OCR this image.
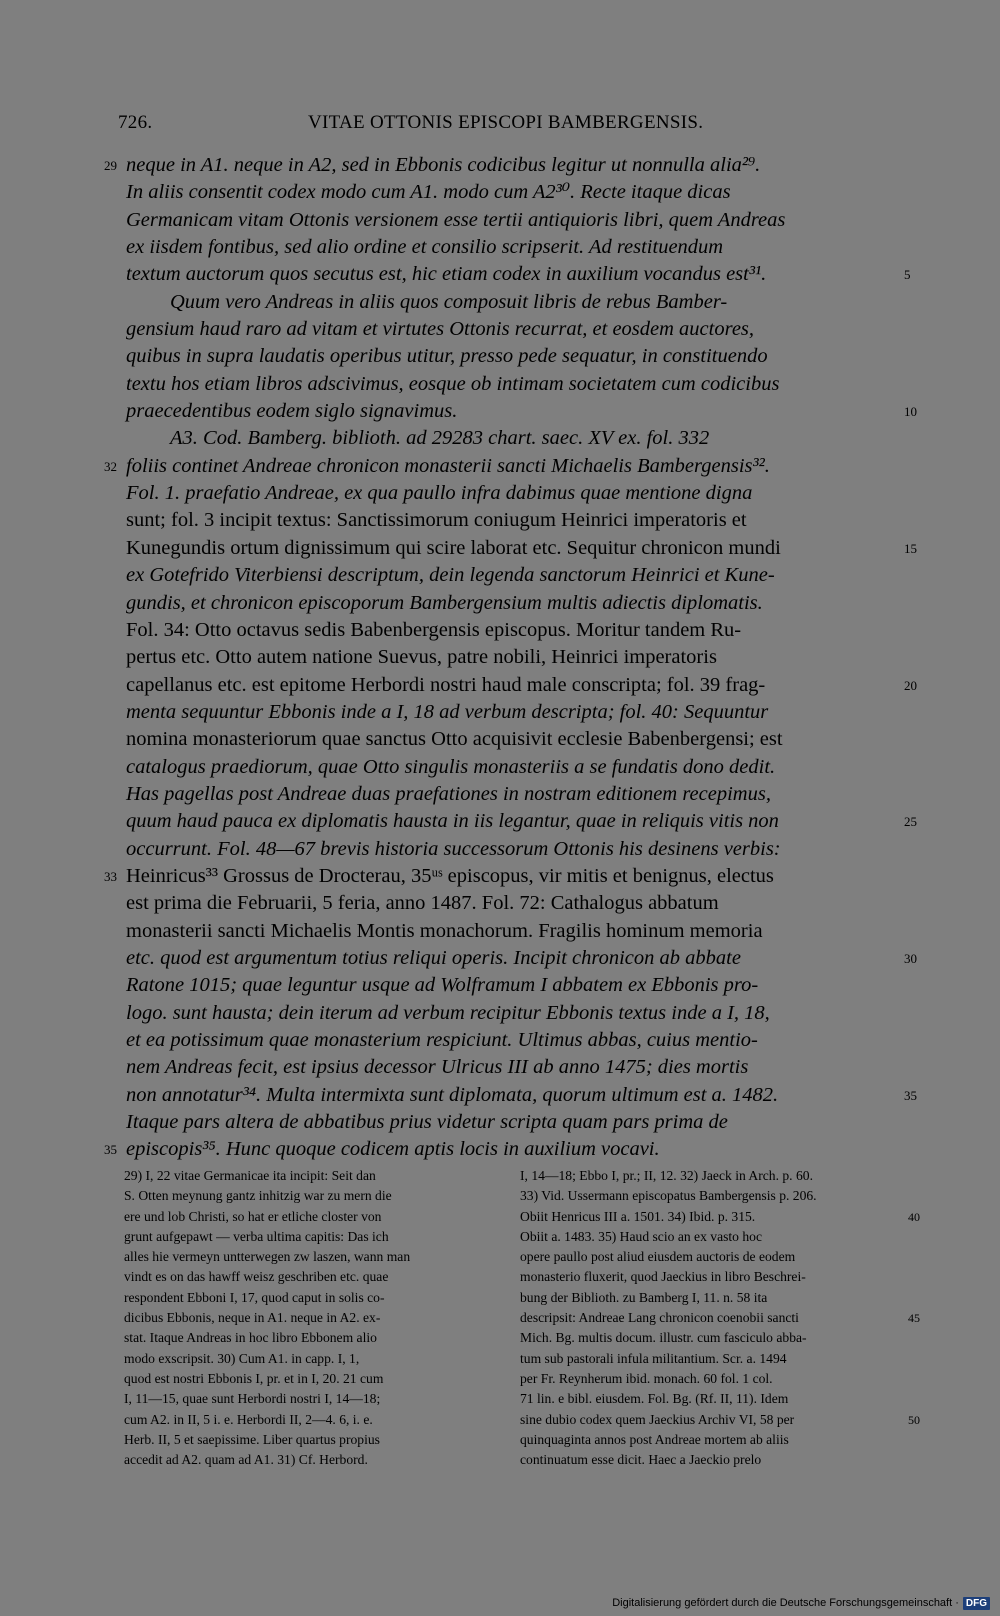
726.	VITAE OTTONIS EPISCOPI BAMBERGENSIS.
29 neque in A1. neque in A2, sed in Ebbonis codicibus legitur ut nonnulla alia²⁹.
In aliis consentit codex modo cum A1. modo cum A2³⁰. Recte itaque dicas
Germanicam vitam Ottonis versionem esse tertii antiquioris libri, quem Andreas
ex iisdem fontibus, sed alio ordine et consilio scripserit. Ad restituendum
textum auctorum quos secutus est, hic etiam codex in auxilium vocandus est³¹.	5
Quum vero Andreas in aliis quos composuit libris de rebus Bamber-
gensium haud raro ad vitam et virtutes Ottonis recurrat, et eosdem auctores,
quibus in supra laudatis operibus utitur, presso pede sequatur, in constituendo
textu hos etiam libros adscivimus, eosque ob intimam societatem cum codicibus
praecedentibus eodem siglo signavimus.	10
A3. Cod. Bamberg. biblioth. ad 29283 chart. saec. XV ex. fol. 332
32 foliis continet Andreae chronicon monasterii sancti Michaelis Bambergensis³².
Fol. 1. praefatio Andreae, ex qua paullo infra dabimus quae mentione digna
sunt; fol. 3 incipit textus: Sanctissimorum coniugum Heinrici imperatoris et
Kunegundis ortum dignissimum qui scire laborat etc. Sequitur chronicon mundi	15
ex Gotefrido Viterbiensi descriptum, dein legenda sanctorum Heinrici et Kune-
gundis, et chronicon episcoporum Bambergensium multis adiectis diplomatis.
Fol. 34: Otto octavus sedis Babenbergensis episcopus. Moritur tandem Ru-
pertus etc. Otto autem natione Suevus, patre nobili, Heinrici imperatoris
capellanus etc. est epitome Herbordi nostri haud male conscripta; fol. 39 frag-	20
menta sequuntur Ebbonis inde a I, 18 ad verbum descripta; fol. 40: Sequuntur
nomina monasteriorum quae sanctus Otto acquisivit ecclesie Babenbergensi; est
catalogus praediorum, quae Otto singulis monasteriis a se fundatis dono dedit.
Has pagellas post Andreae duas praefationes in nostram editionem recepimus,
quum haud pauca ex diplomatis hausta in iis legantur, quae in reliquis vitis non	25
occurrunt. Fol. 48—67 brevis historia successorum Ottonis his desinens verbis:
33 Heinricus³³ Grossus de Drocterau, 35ᵘˢ episcopus, vir mitis et benignus, electus
est prima die Februarii, 5 feria, anno 1487. Fol. 72: Cathalogus abbatum
monasterii sancti Michaelis Montis monachorum. Fragilis hominum memoria
etc. quod est argumentum totius reliqui operis. Incipit chronicon ab abbate	30
Ratone 1015; quae leguntur usque ad Wolframum I abbatem ex Ebbonis pro-
logo. sunt hausta; dein iterum ad verbum recipitur Ebbonis textus inde a I, 18,
et ea potissimum quae monasterium respiciunt. Ultimus abbas, cuius mentio-
nem Andreas fecit, est ipsius decessor Ulricus III ab anno 1475; dies mortis
non annotatur³⁴. Multa intermixta sunt diplomata, quorum ultimum est a. 1482.	35
Itaque pars altera de abbatibus prius videtur scripta quam pars prima de
35 episcopis³⁵. Hunc quoque codicem aptis locis in auxilium vocavi.
29) I, 22 vitae Germanicae ita incipit: Seit dan
S. Otten meynung gantz inhitzig war zu mern die
ere und lob Christi, so hat er etliche closter von
grunt aufgepawt — verba ultima capitis: Das ich
alles hie vermeyn untterwegen zw laszen, wann man
vindt es on das hawff weisz geschriben etc. quae
respondent Ebboni I, 17, quod caput in solis co-
dicibus Ebbonis, neque in A1. neque in A2. ex-
stat. Itaque Andreas in hoc libro Ebbonem alio
modo exscripsit. 30) Cum A1. in capp. I, 1,
quod est nostri Ebbonis I, pr. et in I, 20. 21 cum
I, 11—15, quae sunt Herbordi nostri I, 14—18;
cum A2. in II, 5 i. e. Herbordi II, 2—4. 6, i. e.
Herb. II, 5 et saepissime. Liber quartus propius
accedit ad A2. quam ad A1. 31) Cf. Herbord.
I, 14—18; Ebbo I, pr.; II, 12. 32) Jaeck in Arch. p. 60.
33) Vid. Ussermann episcopatus Bambergensis p. 206.
Obiit Henricus III a. 1501. 34) Ibid. p. 315.
Obiit a. 1483. 35) Haud scio an ex vasto hoc
opere paullo post aliud eiusdem auctoris de eodem
monasterio fluxerit, quod Jaeckius in libro Beschrei-
bung der Biblioth. zu Bamberg I, 11. n. 58 ita
descripsit: Andreae Lang chronicon coenobii sancti
Mich. Bg. multis docum. illustr. cum fasciculo abba-
tum sub pastorali infula militantium. Scr. a. 1494
per Fr. Reynherum ibid. monach. 60 fol. 1 col.
71 lin. e bibl. eiusdem. Fol. Bg. (Rf. II, 11). Idem
sine dubio codex quem Jaeckius Archiv VI, 58 per
quinquaginta annos post Andreae mortem ab aliis
continuatum esse dicit. Haec a Jaeckio prelo
40
45
50
Digitalisierung gefördert durch die Deutsche Forschungsgemeinschaft · DFG
